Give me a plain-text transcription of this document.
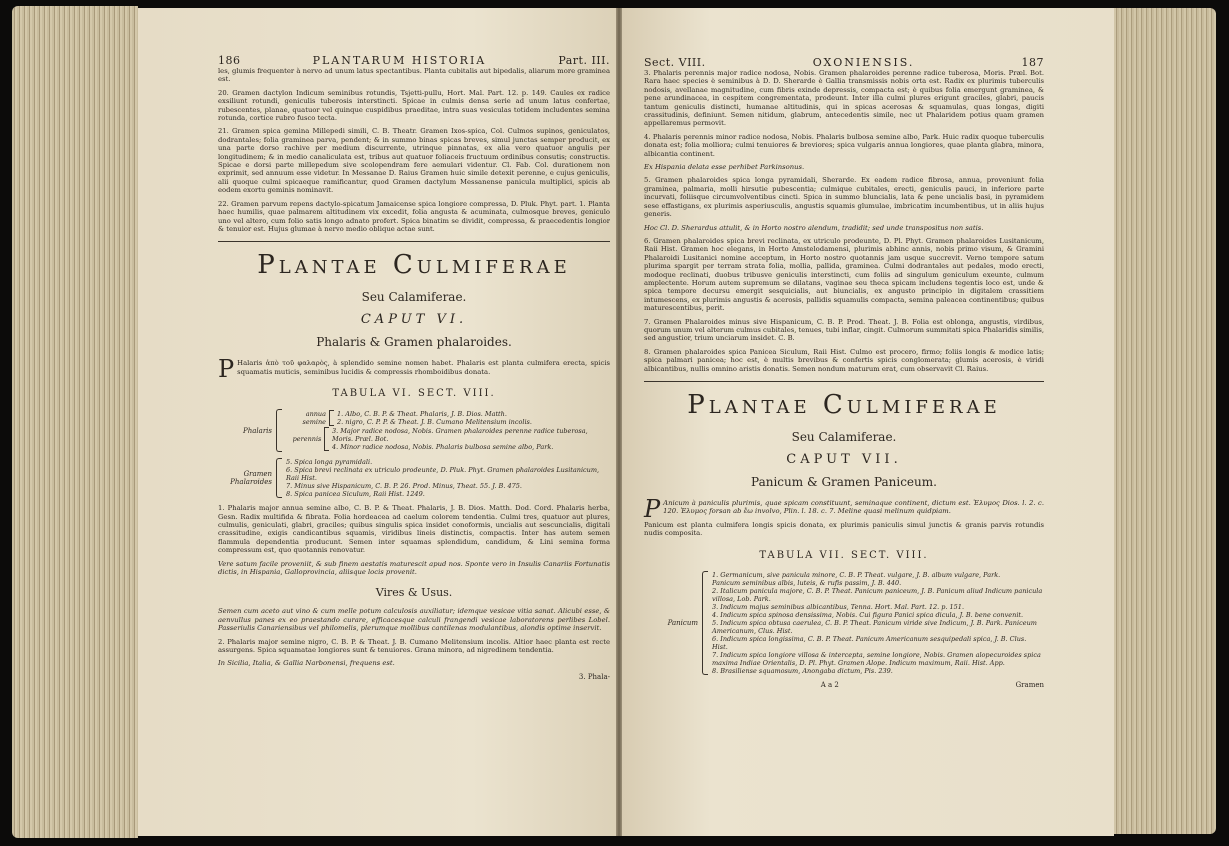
186	PLANTARUM HISTORIA	Part. III.

les, glumis frequenter à nervo ad unum latus spectantibus. Planta cubitalis aut bipedalis, aliarum more graminea est.

20. Gramen dactylon Indicum seminibus rotundis, Tsjetti-pullu, Hort. Mal. Part. 12. p. 149. Caules ex radice exsiliunt rotundi, geniculis tuberosis interstincti. Spicae in culmis densa serie ad unum latus confertae, rubescentes, planae, quatuor vel quinque cuspidibus praeditae, intra suas vesiculas totidem includentes semina rotunda, cortice rubro fusco tecta.

21. Gramen spica gemina Millepedi simili, C. B. Theatr. Gramen Ixos-spica, Col. Culmos supinos, geniculatos, dodrantales; folia graminea parva, pendent; & in summo binas spicas breves, simul junctas semper producit, ex una parte dorso rachive per medium discurrente, utrinque pinnatas, ex alia vero quatuor angulis per longitudinem; & in medio canaliculata est, tribus aut quatuor foliaceis fructuum ordinibus consutis; constructis. Spicae e dorsi parte millepedum sive scolopendram fere aemulari videntur. Cl. Fab. Col. durationem non exprimit, sed annuum esse videtur. In Messanae D. Raius Gramen huic simile detexit perenne, e cujus geniculis, alii quoque culmi spicaeque ramificantur, quod Gramen dactylum Messanense panicula multiplici, spicis ab eodem exortu geminis nominavit.

22. Gramen parvum repens dactylo-spicatum Jamaicense spica longiore compressa, D. Pluk. Phyt. part. 1. Planta haec humilis, quae palmarem altitudinem vix excedit, folia angusta & acuminata, culmosque breves, geniculo uno vel altero, cum folio satis longo adnato profert. Spica binatim se dividit, compressa, & praecedentis longior & tenuior est. Hujus glumae à nervo medio oblique actae sunt.

Plantae Culmiferae
Seu Calamiferae.
CAPUT VI.
Phalaris & Gramen phalaroides.

P Halaris ἀπὸ τοῦ φαλαρὸς, à splendido semine nomen habet. Phalaris est planta culmifera erecta, spicis squamatis muticis, seminibus lucidis & compressis rhomboidibus donata.

TABULA VI. SECT. VIII.
Phalaris
annua semine
1. Albo, C. B. P. & Theat. Phalaris, J. B. Dios. Matth.
2. nigro, C. P. P. & Theat. J. B. Cumano Melitensium incolis.
perennis
3. Major radice nodosa, Nobis. Gramen phalaroides perenne radice tuberosa, Moris. Præl. Bot.
4. Minor radice nodosa, Nobis. Phalaris bulbosa semine albo, Park.
Gramen Phalaroides
5. Spica longa pyramidali.
6. Spica brevi reclinata ex utriculo prodeunte, D. Pluk. Phyt. Gramen phalaroides Lusitanicum, Raii Hist.
7. Minus sive Hispanicum, C. B. P. 26. Prod. Minus, Theat. 55. J. B. 475.
8. Spica panicea Siculum, Raii Hist. 1249.

1. Phalaris major annua semine albo, C. B. P. & Theat. Phalaris, J. B. Dios. Matth. Dod. Cord. Phalaris herba, Gesn. Radix multifida & fibrata. Folia hordeacea ad caelum colorem tendentia. Culmi tres, quatuor aut plures, culmulis, geniculati, glabri, graciles; quibus singulis spica insidet conoformis, uncialis aut sescuncialis, digitali crassitudine, exigis candicantibus squamis, viridibus lineis distinctis, compactis. Inter has autem semen flammula dependentia producunt. Semen inter squamas splendidum, candidum, & Lini semina forma compressum est, quo quotannis renovatur.

Vere satum facile proveniit, & sub finem aestatis maturescit apud nos. Sponte vero in Insulis Canariis Fortunatis dictis, in Hispania, Galloprovincia, aliisque locis provenit.

Vires & Usus.

Semen cum aceto aut vino & cum melle potum calculosis auxiliatur; idemque vesicae vitia sanat. Alicubi esse, & aenvullus panes ex eo praestando curare, efficacesque calculi frangendi vesicae laboratorens perlibes Lobel. Passeriulis Canariensibus vel philomelis, plerumque mollibus cantilenas modulantibus, alondis optime inservit.

2. Phalaris major semine nigro, C. B. P. & Theat. J. B. Cumano Melitensium incolis. Altior haec planta est recte assurgens. Spica squamatae longiores sunt & tenuiores. Grana minora, ad nigredinem tendentia.

In Sicilia, Italia, & Gallia Narbonensi, frequens est.

3. Phala-
Sect. VIII.	OXONIENSIS.	187

3. Phalaris perennis major radice nodosa, Nobis. Gramen phalaroides perenne radice tuberosa, Moris. Præl. Bot. Rara haec species è seminibus à D. D. Sherarde è Gallia transmissis nobis orta est. Radix ex plurimis tuberculis nodosis, avellanae magnitudine, cum fibris exinde depressis, compacta est; è quibus folia emergunt graminea, & pene arundinacea, in cespitem congrementata, prodeunt. Inter illa culmi plures erigunt graciles, glabri, paucis tantum geniculis distincti, humanae altitudinis, qui in spicas acerosas & squamulas, quas longas, digiti crassitudinis, definiunt. Semen nitidum, glabrum, antecedentis simile, nec ut Phalaridem potius quam gramen appellaremus permovit.

4. Phalaris perennis minor radice nodosa, Nobis. Phalaris bulbosa semine albo, Park. Huic radix quoque tuberculis donata est; folia molliora; culmi tenuiores & breviores; spica vulgaris annua longiores, quae planta glabra, minora, albicantia continent.

Ex Hispania delata esse perhibet Parkinsonus.

5. Gramen phalaroides spica longa pyramidali, Sherarde. Ex eadem radice fibrosa, annua, proveniunt folia graminea, palmaria, molli hirsutie pubescentia; culmique cubitales, erecti, geniculis pauci, in inferiore parte incurvati, foliisque circumvolventibus cincti. Spica in summo bluncialis, lata & pene uncialis basi, in pyramidem sese effastigans, ex plurimis asperiusculis, angustis squamis glumulae, imbricatim incumbentibus, ut in aliis hujus generis.

Hoc Cl. D. Sherardus attulit, & in Horto nostro alendum, tradidit; sed unde transpositus non satis.

6. Gramen phalaroides spica brevi reclinata, ex utriculo prodeunte, D. Pl. Phyt. Gramen phalaroides Lusitanicum, Raii Hist. Gramen hoc elegans, in Horto Amstelodamensi, plurimis abhinc annis, nobis primo visum, & Gramini Phalaroidi Lusitanici nomine acceptum, in Horto nostro quotannis jam usque succrevit. Verno tempore satum plurima spargit per terram strata folia, mollia, pallida, graminea. Culmi dodrantales aut pedales, modo erecti, modoque reclinati, duobus tribusve geniculis interstincti, cum foliis ad singulum geniculum exeunte, culmum amplectente. Horum autem supremum se dilatans, vaginae seu theca spicam includens tegentis loco est, unde & spica tempore decursu emergit sesquicialis, aut biuncialis, ex angusto principio in digitalem crassitiem intumescens, ex plurimis angustis & acerosis, pallidis squamulis compacta, semina paleacea continentibus; quibus maturescentibus, perit.

7. Gramen Phalaroides minus sive Hispanicum, C. B. P. Prod. Theat. J. B. Folia est oblonga, angustis, virdibus, quorum unum vel alterum culmus cubitales, tenues, tubi inflar, cingit. Culmorum summitati spica Phalaridis similis, sed angustior, trium unciarum insidet. C. B.

8. Gramen phalaroides spica Panicea Siculum, Raii Hist. Culmo est procero, firmo; foliis longis & modice latis; spica palmari panicea; hoc est, è multis brevibus & confertis spicis conglomerata; glumis acerosis, è viridi albicantibus, nullis omnino aristis donatis. Semen nondum maturum erat, cum observavit Cl. Raius.

Plantae Culmiferae
Seu Calamiferae.
CAPUT VII.
Panicum & Gramen Paniceum.

P Anicum à paniculis plurimis, quae spicam constituunt, seminaque continent, dictum est. Ἐλυμος Dios. l. 2. c. 120. Ἐλυμος forsan ab ἔω involvo, Plin. l. 18. c. 7. Meline quasi melinum quidpiam.

Panicum est planta culmifera longis spicis donata, ex plurimis paniculis simul junctis & granis parvis rotundis nudis composita.

TABULA VII. SECT. VIII.
Panicum
1. Germanicum, sive panicula minore, C. B. P. Theat. vulgare, J. B. album vulgare, Park.
Panicum seminibus albis, luteis, & rufis passim, J. B. 440.
2. Italicum panicula majore, C. B. P. Theat. Panicum paniceum, J. B. Panicum aliud Indicum panicula villosa, Lob. Park.
3. Indicum majus seminibus albicantibus, Tenna. Hort. Mal. Part. 12. p. 151.
4. Indicum spica spinosa densissima, Nobis. Cui figura Panici spica dicula, J. B. bene convenit.
5. Indicum spica obtusa caerulea, C. B. P. Theat. Panicum viride sive Indicum, J. B. Park. Paniceum Americanum, Clus. Hist.
6. Indicum spica longissima, C. B. P. Theat. Panicum Americanum sesquipedali spica, J. B. Clus. Hist.
7. Indicum spica longiore villosa & intercepta, semine longiore, Nobis. Gramen alopecuroides spica maxima Indiae Orientalis, D. Pl. Phyt. Gramen Alope. Indicum maximum, Raii. Hist. App.
8. Brasiliense squamosum, Anongaba dictum, Pis. 239.
A a 2	Gramen
